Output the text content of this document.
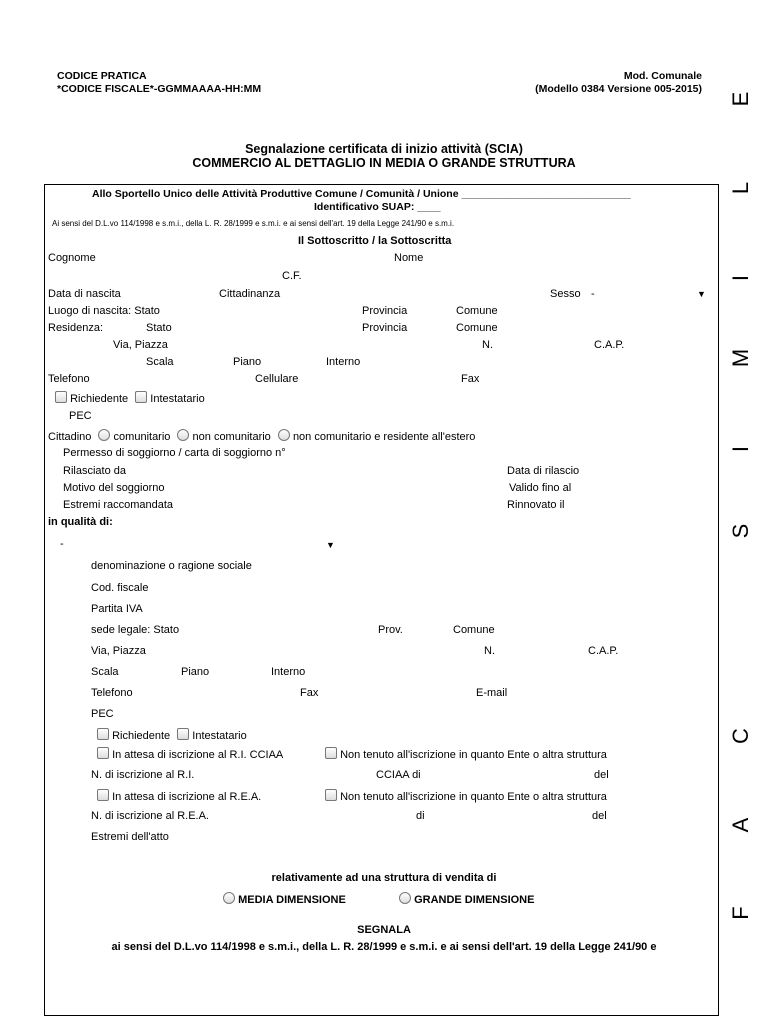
CODICE PRATICA
*CODICE FISCALE*-GGMMAAAA-HH:MM
Mod. Comunale
(Modello 0384 Versione 005-2015)
Segnalazione certificata di inizio attività (SCIA)
COMMERCIO AL DETTAGLIO IN MEDIA O GRANDE STRUTTURA
Allo Sportello Unico delle Attività Produttive Comune / Comunità / Unione _____________________________
Identificativo SUAP: ____
Ai sensi del D.L.vo 114/1998 e s.m.i., della L. R. 28/1999 e s.m.i. e ai sensi dell'art. 19 della Legge 241/90 e s.m.i.
Il Sottoscritto / la Sottoscritta
Cognome	Nome
C.F.
Data di nascita	Cittadinanza	Sesso -	▼
Luogo di nascita: Stato	Provincia	Comune
Residenza:	Stato	Provincia	Comune
Via, Piazza	N.	C.A.P.
Scala	Piano	Interno
Telefono	Cellulare	Fax
Richiedente Intestatario
PEC
Cittadino comunitario non comunitario non comunitario e residente all'estero
Permesso di soggiorno / carta di soggiorno n°
Rilasciato da	Data di rilascio
Motivo del soggiorno	Valido fino al
Estremi raccomandata	Rinnovato il
in qualità di:
-	▼
denominazione o ragione sociale
Cod. fiscale
Partita IVA
sede legale: Stato	Prov.	Comune
Via, Piazza	N.	C.A.P.
Scala	Piano	Interno
Telefono	Fax	E-mail
PEC
Richiedente Intestatario
In attesa di iscrizione al R.I. CCIAA	Non tenuto all'iscrizione in quanto Ente o altra struttura
N. di iscrizione al R.I.	CCIAA di	del
In attesa di iscrizione al R.E.A.	Non tenuto all'iscrizione in quanto Ente o altra struttura
N. di iscrizione al R.E.A.	di	del
Estremi dell'atto
relativamente ad una struttura di vendita di
MEDIA DIMENSIONE	GRANDE DIMENSIONE
SEGNALA
ai sensi del D.L.vo 114/1998 e s.m.i., della L. R. 28/1999 e s.m.i. e ai sensi dell'art. 19 della Legge 241/90 e
E
L
I
M
I
S
C
A
F
